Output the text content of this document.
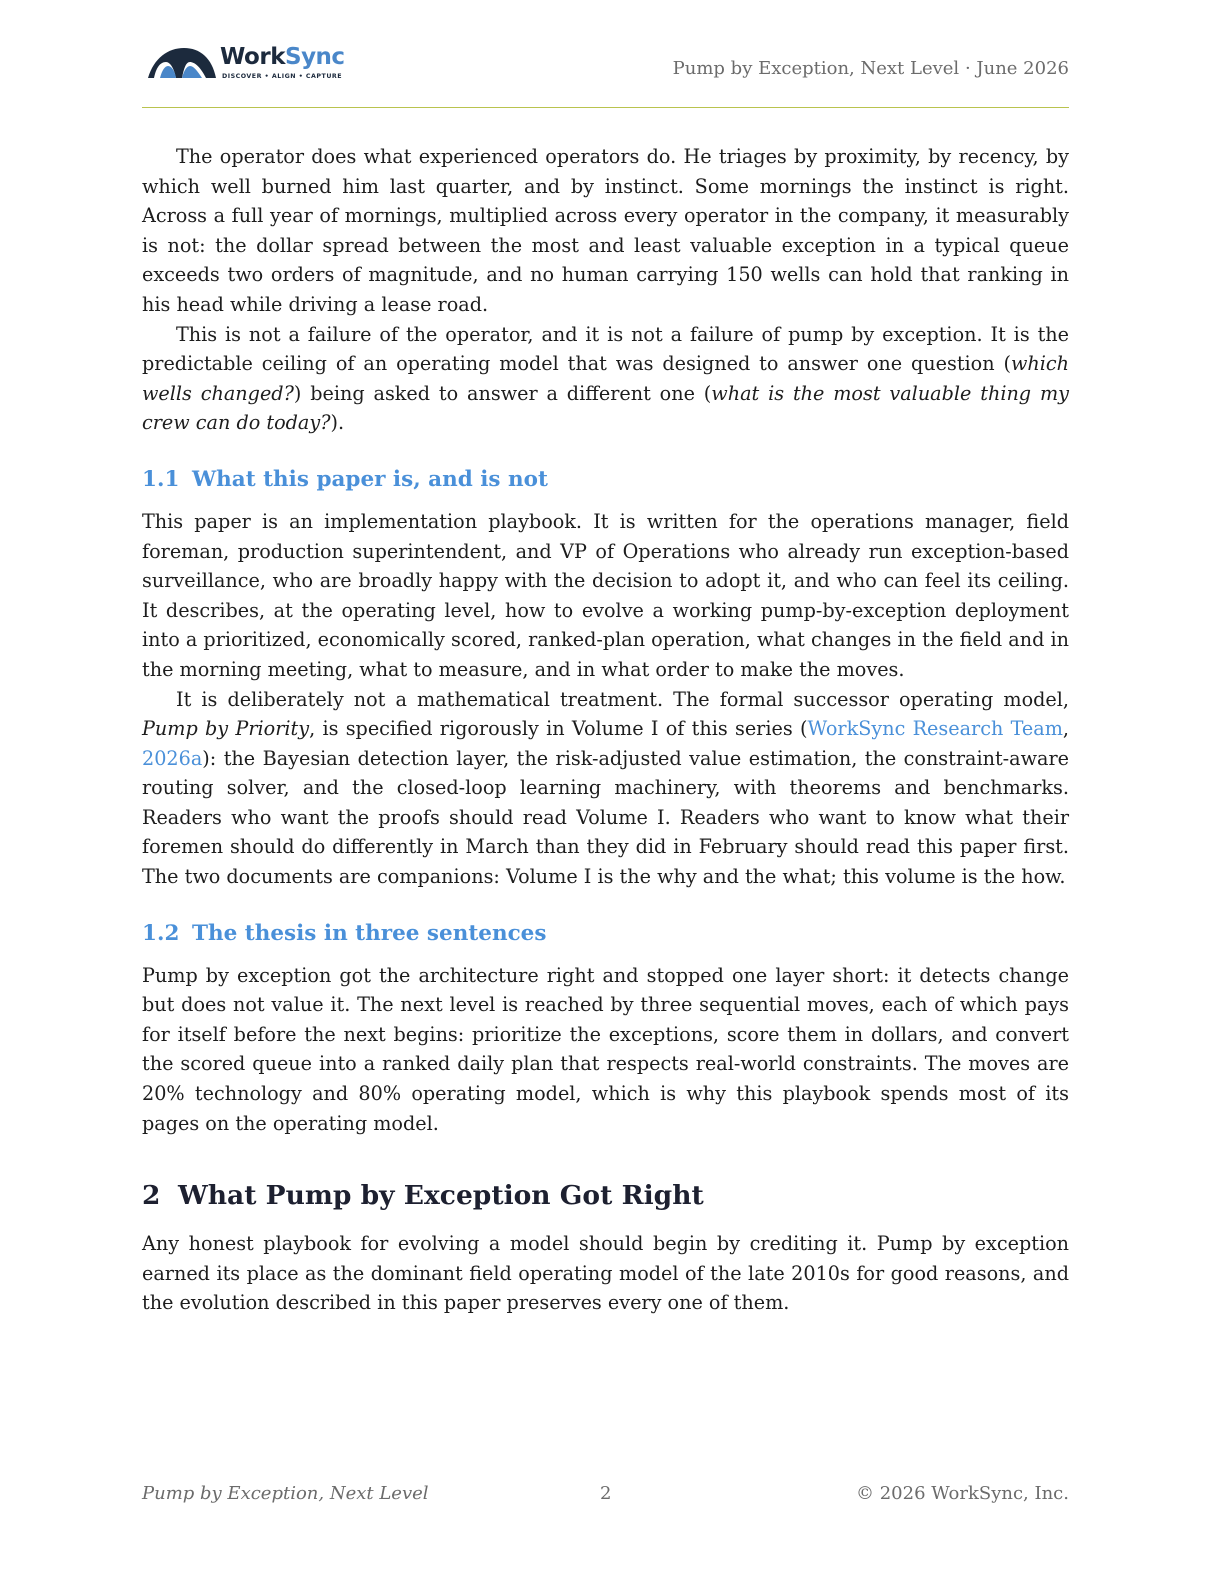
WorkSync
DISCOVER • ALIGN • CAPTURE	Pump by Exception, Next Level · June 2026

The operator does what experienced operators do. He triages by proximity, by recency, by which well burned him last quarter, and by instinct. Some mornings the instinct is right. Across a full year of mornings, multiplied across every operator in the company, it measurably is not: the dollar spread between the most and least valuable exception in a typical queue exceeds two orders of magnitude, and no human carrying 150 wells can hold that ranking in his head while driving a lease road.

This is not a failure of the operator, and it is not a failure of pump by exception. It is the predictable ceiling of an operating model that was designed to answer one question (which wells changed?) being asked to answer a different one (what is the most valuable thing my crew can do today?).

1.1 What this paper is, and is not

This paper is an implementation playbook. It is written for the operations manager, field foreman, production superintendent, and VP of Operations who already run exception-based surveillance, who are broadly happy with the decision to adopt it, and who can feel its ceiling. It describes, at the operating level, how to evolve a working pump-by-exception deployment into a prioritized, economically scored, ranked-plan operation, what changes in the field and in the morning meeting, what to measure, and in what order to make the moves.

It is deliberately not a mathematical treatment. The formal successor operating model, Pump by Priority, is specified rigorously in Volume I of this series (WorkSync Research Team, 2026a): the Bayesian detection layer, the risk-adjusted value estimation, the constraint-aware routing solver, and the closed-loop learning machinery, with theorems and benchmarks. Readers who want the proofs should read Volume I. Readers who want to know what their foremen should do differently in March than they did in February should read this paper first. The two documents are companions: Volume I is the why and the what; this volume is the how.

1.2 The thesis in three sentences

Pump by exception got the architecture right and stopped one layer short: it detects change but does not value it. The next level is reached by three sequential moves, each of which pays for itself before the next begins: prioritize the exceptions, score them in dollars, and convert the scored queue into a ranked daily plan that respects real-world constraints. The moves are 20% technology and 80% operating model, which is why this playbook spends most of its pages on the operating model.

2 What Pump by Exception Got Right

Any honest playbook for evolving a model should begin by crediting it. Pump by exception earned its place as the dominant field operating model of the late 2010s for good reasons, and the evolution described in this paper preserves every one of them.

Pump by Exception, Next Level	2	© 2026 WorkSync, Inc.
